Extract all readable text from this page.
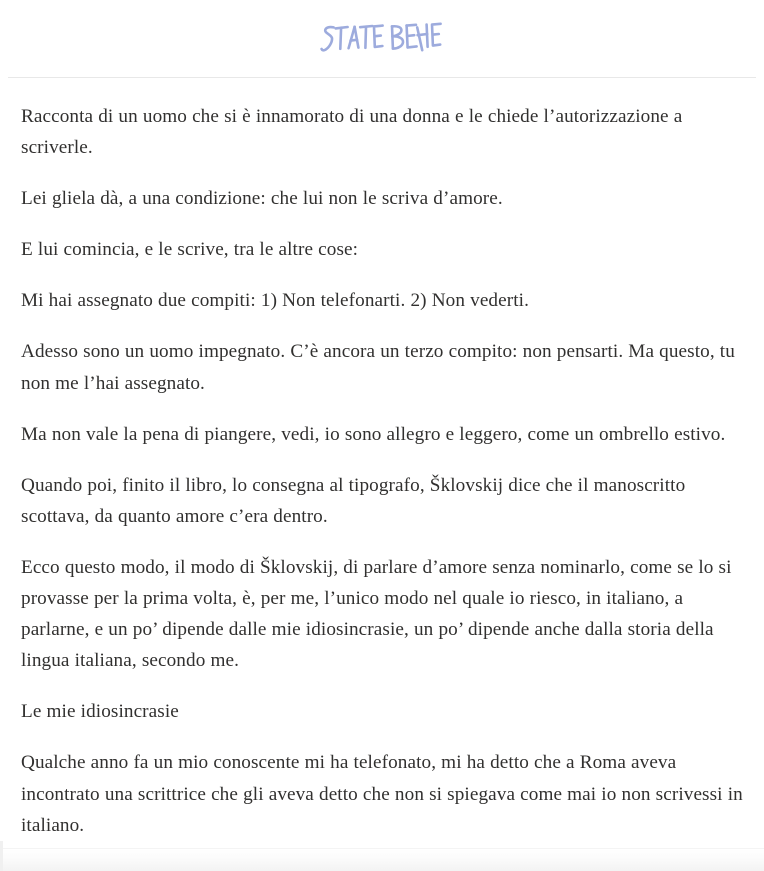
Racconta di un uomo che si è innamorato di una donna e le chiede l’autorizzazione a scriverle.

Lei gliela dà, a una condizione: che lui non le scriva d’amore.

E lui comincia, e le scrive, tra le altre cose:

Mi hai assegnato due compiti: 1) Non telefonarti. 2) Non vederti.

Adesso sono un uomo impegnato. C’è ancora un terzo compito: non pensarti. Ma questo, tu non me l’hai assegnato.

Ma non vale la pena di piangere, vedi, io sono allegro e leggero, come un ombrello estivo.

Quando poi, finito il libro, lo consegna al tipografo, Šklovskij dice che il manoscritto scottava, da quanto amore c’era dentro.

Ecco questo modo, il modo di Šklovskij, di parlare d’amore senza nominarlo, come se lo si provasse per la prima volta, è, per me, l’unico modo nel quale io riesco, in italiano, a parlarne, e un po’ dipende dalle mie idiosincrasie, un po’ dipende anche dalla storia della lingua italiana, secondo me.

Le mie idiosincrasie

Qualche anno fa un mio conoscente mi ha telefonato, mi ha detto che a Roma aveva incontrato una scrittrice che gli aveva detto che non si spiegava come mai io non scrivessi in italiano.
